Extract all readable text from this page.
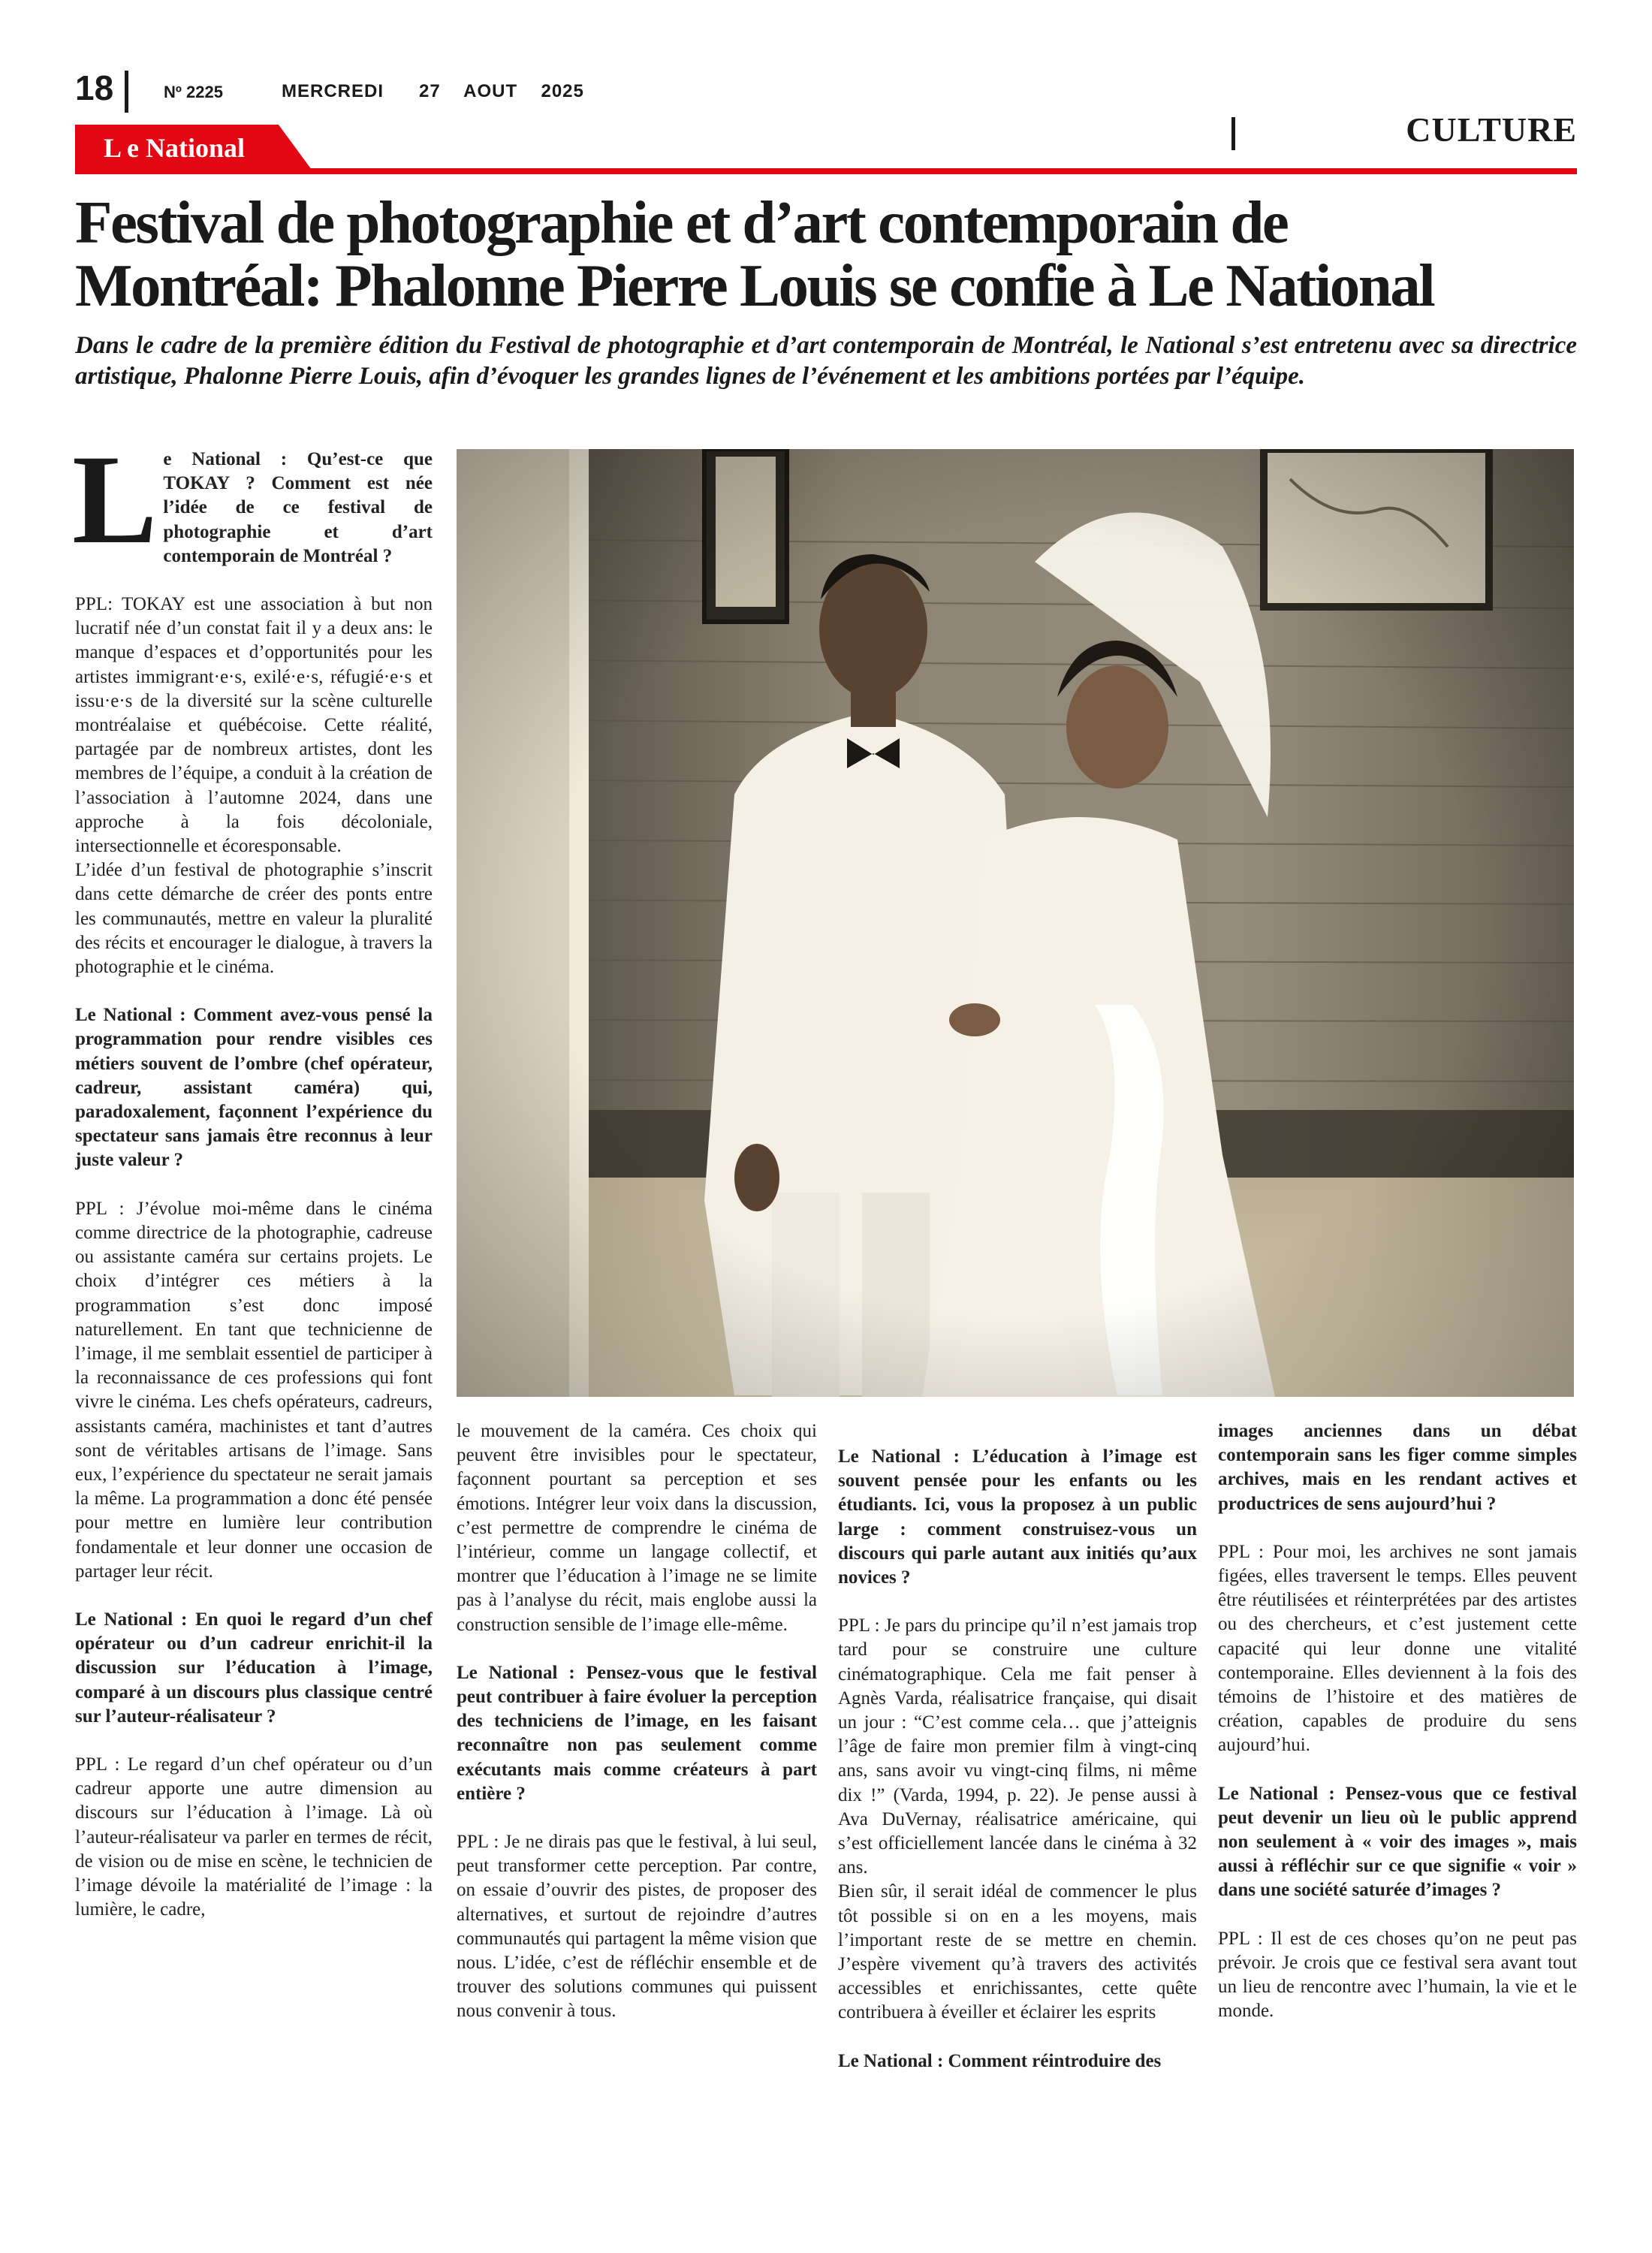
18	Nº 2225	MERCREDI   27  AOUT  2025
L e National	CULTURE
Festival de photographie et d’art contemporain de
Montréal: Phalonne Pierre Louis se confie à Le National

Dans le cadre de la première édition du Festival de photographie et d’art contemporain de Montréal, le National s’est entretenu avec sa directrice artistique, Phalonne Pierre Louis, afin d’évoquer les grandes lignes de l’événement et les ambitions portées par l’équipe.

Le National : Qu’est-ce que TOKAY ? Comment est née l’idée de ce festival de photographie et d’art contemporain de Montréal ?

PPL: TOKAY est une association à but non lucratif née d’un constat fait il y a deux ans: le manque d’espaces et d’opportunités pour les artistes immigrant·e·s, exilé·e·s, réfugié·e·s et issu·e·s de la diversité sur la scène culturelle montréalaise et québécoise. Cette réalité, partagée par de nombreux artistes, dont les membres de l’équipe, a conduit à la création de l’association à l’automne 2024, dans une approche à la fois décoloniale, intersectionnelle et écoresponsable.

L’idée d’un festival de photographie s’inscrit dans cette démarche de créer des ponts entre les communautés, mettre en valeur la pluralité des récits et encourager le dialogue, à travers la photographie et le cinéma.

Le National : Comment avez-vous pensé la programmation pour rendre visibles ces métiers souvent de l’ombre (chef opérateur, cadreur, assistant caméra) qui, paradoxalement, façonnent l’expérience du spectateur sans jamais être reconnus à leur juste valeur ?

PPL : J’évolue moi-même dans le cinéma comme directrice de la photographie, cadreuse ou assistante caméra sur certains projets. Le choix d’intégrer ces métiers à la programmation s’est donc imposé naturellement. En tant que technicienne de l’image, il me semblait essentiel de participer à la reconnaissance de ces professions qui font vivre le cinéma. Les chefs opérateurs, cadreurs, assistants caméra, machinistes et tant d’autres sont de véritables artisans de l’image. Sans eux, l’expérience du spectateur ne serait jamais la même. La programmation a donc été pensée pour mettre en lumière leur contribution fondamentale et leur donner une occasion de partager leur récit.

Le National : En quoi le regard d’un chef opérateur ou d’un cadreur enrichit-il la discussion sur l’éducation à l’image, comparé à un discours plus classique centré sur l’auteur-réalisateur ?

PPL : Le regard d’un chef opérateur ou d’un cadreur apporte une autre dimension au discours sur l’éducation à l’image. Là où l’auteur-réalisateur va parler en termes de récit, de vision ou de mise en scène, le technicien de l’image dévoile la matérialité de l’image : la lumière, le cadre,

le mouvement de la caméra. Ces choix qui peuvent être invisibles pour le spectateur, façonnent pourtant sa perception et ses émotions. Intégrer leur voix dans la discussion, c’est permettre de comprendre le cinéma de l’intérieur, comme un langage collectif, et montrer que l’éducation à l’image ne se limite pas à l’analyse du récit, mais englobe aussi la construction sensible de l’image elle-même.

Le National : Pensez-vous que le festival peut contribuer à faire évoluer la perception des techniciens de l’image, en les faisant reconnaître non pas seulement comme exécutants mais comme créateurs à part entière ?

PPL : Je ne dirais pas que le festival, à lui seul, peut transformer cette perception. Par contre, on essaie d’ouvrir des pistes, de proposer des alternatives, et surtout de rejoindre d’autres communautés qui partagent la même vision que nous. L’idée, c’est de réfléchir ensemble et de trouver des solutions communes qui puissent nous convenir à tous.

Le National : L’éducation à l’image est souvent pensée pour les enfants ou les étudiants. Ici, vous la proposez à un public large : comment construisez-vous un discours qui parle autant aux initiés qu’aux novices ?

PPL : Je pars du principe qu’il n’est jamais trop tard pour se construire une culture cinématographique. Cela me fait penser à Agnès Varda, réalisatrice française, qui disait un jour : “C’est comme cela… que j’atteignis l’âge de faire mon premier film à vingt-cinq ans, sans avoir vu vingt-cinq films, ni même dix !” (Varda, 1994, p. 22). Je pense aussi à Ava DuVernay, réalisatrice américaine, qui s’est officiellement lancée dans le cinéma à 32 ans.

Bien sûr, il serait idéal de commencer le plus tôt possible si on en a les moyens, mais l’important reste de se mettre en chemin. J’espère vivement qu’à travers des activités accessibles et enrichissantes, cette quête contribuera à éveiller et éclairer les esprits

Le National : Comment réintroduire des

images anciennes dans un débat contemporain sans les figer comme simples archives, mais en les rendant actives et productrices de sens aujourd’hui ?

PPL : Pour moi, les archives ne sont jamais figées, elles traversent le temps. Elles peuvent être réutilisées et réinterprétées par des artistes ou des chercheurs, et c’est justement cette capacité qui leur donne une vitalité contemporaine. Elles deviennent à la fois des témoins de l’histoire et des matières de création, capables de produire du sens aujourd’hui.

Le National : Pensez-vous que ce festival peut devenir un lieu où le public apprend non seulement à « voir des images », mais aussi à réfléchir sur ce que signifie « voir » dans une société saturée d’images ?

PPL : Il est de ces choses qu’on ne peut pas prévoir. Je crois que ce festival sera avant tout un lieu de rencontre avec l’humain, la vie et le monde.
